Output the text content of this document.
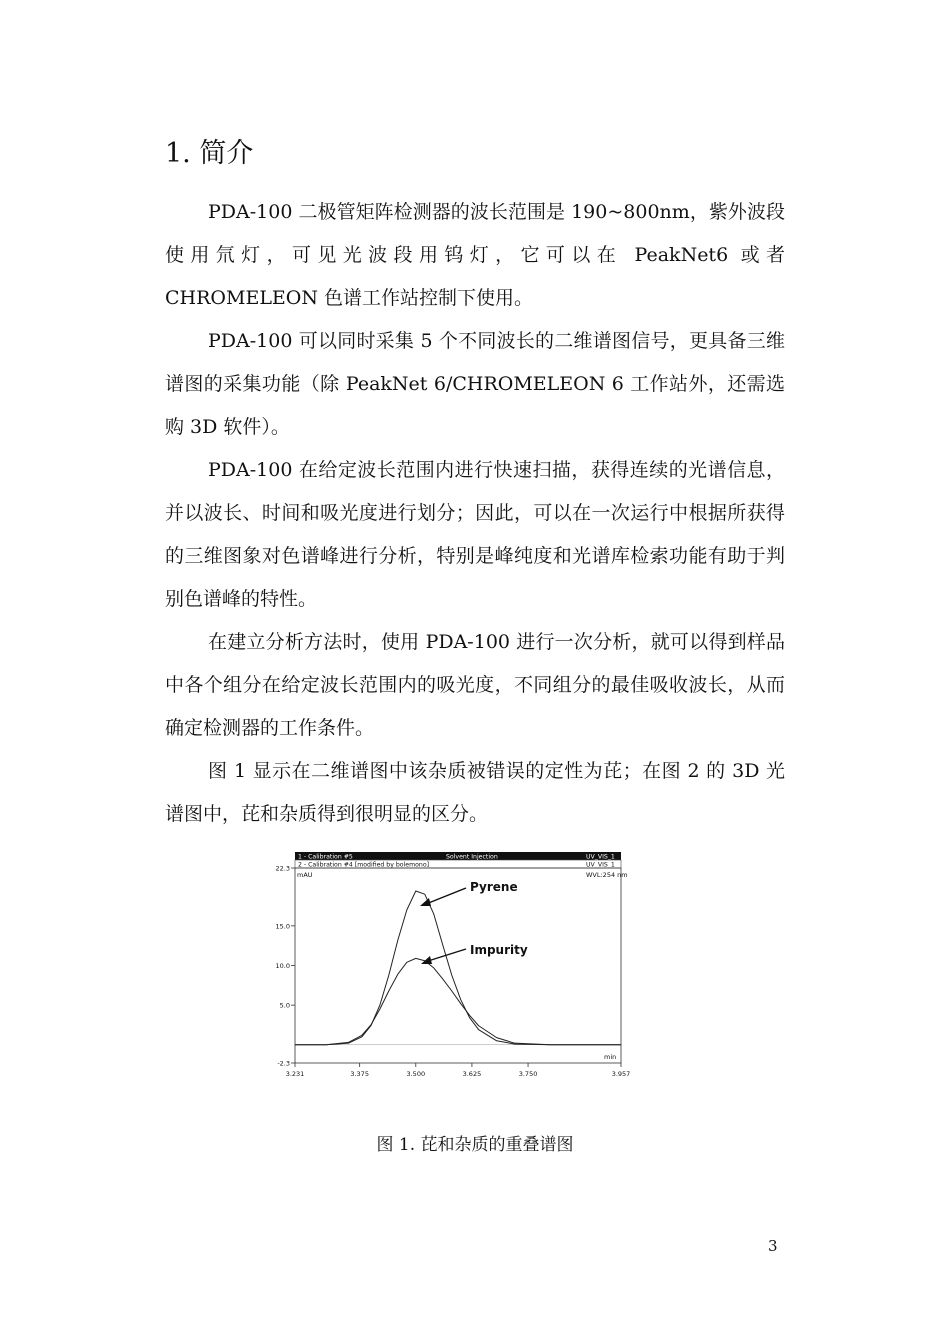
1. 简介

PDA-100 二极管矩阵检测器的波长范围是 190~800nm，紫外波段使用氘灯，可见光波段用钨灯，它可以在 PeakNet6 或者 CHROMELEON 色谱工作站控制下使用。

PDA-100 可以同时采集 5 个不同波长的二维谱图信号，更具备三维谱图的采集功能（除 PeakNet 6/CHROMELEON 6 工作站外，还需选购 3D 软件）。

PDA-100 在给定波长范围内进行快速扫描，获得连续的光谱信息，并以波长、时间和吸光度进行划分；因此，可以在一次运行中根据所获得的三维图象对色谱峰进行分析，特别是峰纯度和光谱库检索功能有助于判别色谱峰的特性。

在建立分析方法时，使用 PDA-100 进行一次分析，就可以得到样品中各个组分在给定波长范围内的吸光度，不同组分的最佳吸收波长，从而确定检测器的工作条件。

图 1 显示在二维谱图中该杂质被错误的定性为芘；在图 2 的 3D 光谱图中，芘和杂质得到很明显的区分。

1 - Calibration #5	Solvent Injection	UV_VIS_1
2 - Calibration #4 [modified by bolemono]	UV_VIS_1
mAU	WVL:254 nm
min
22.3
15.0
10.0
5.0
-2.3
3.231	3.375	3.500	3.625	3.750	3.957
Pyrene
Impurity
图 1. 芘和杂质的重叠谱图
3
